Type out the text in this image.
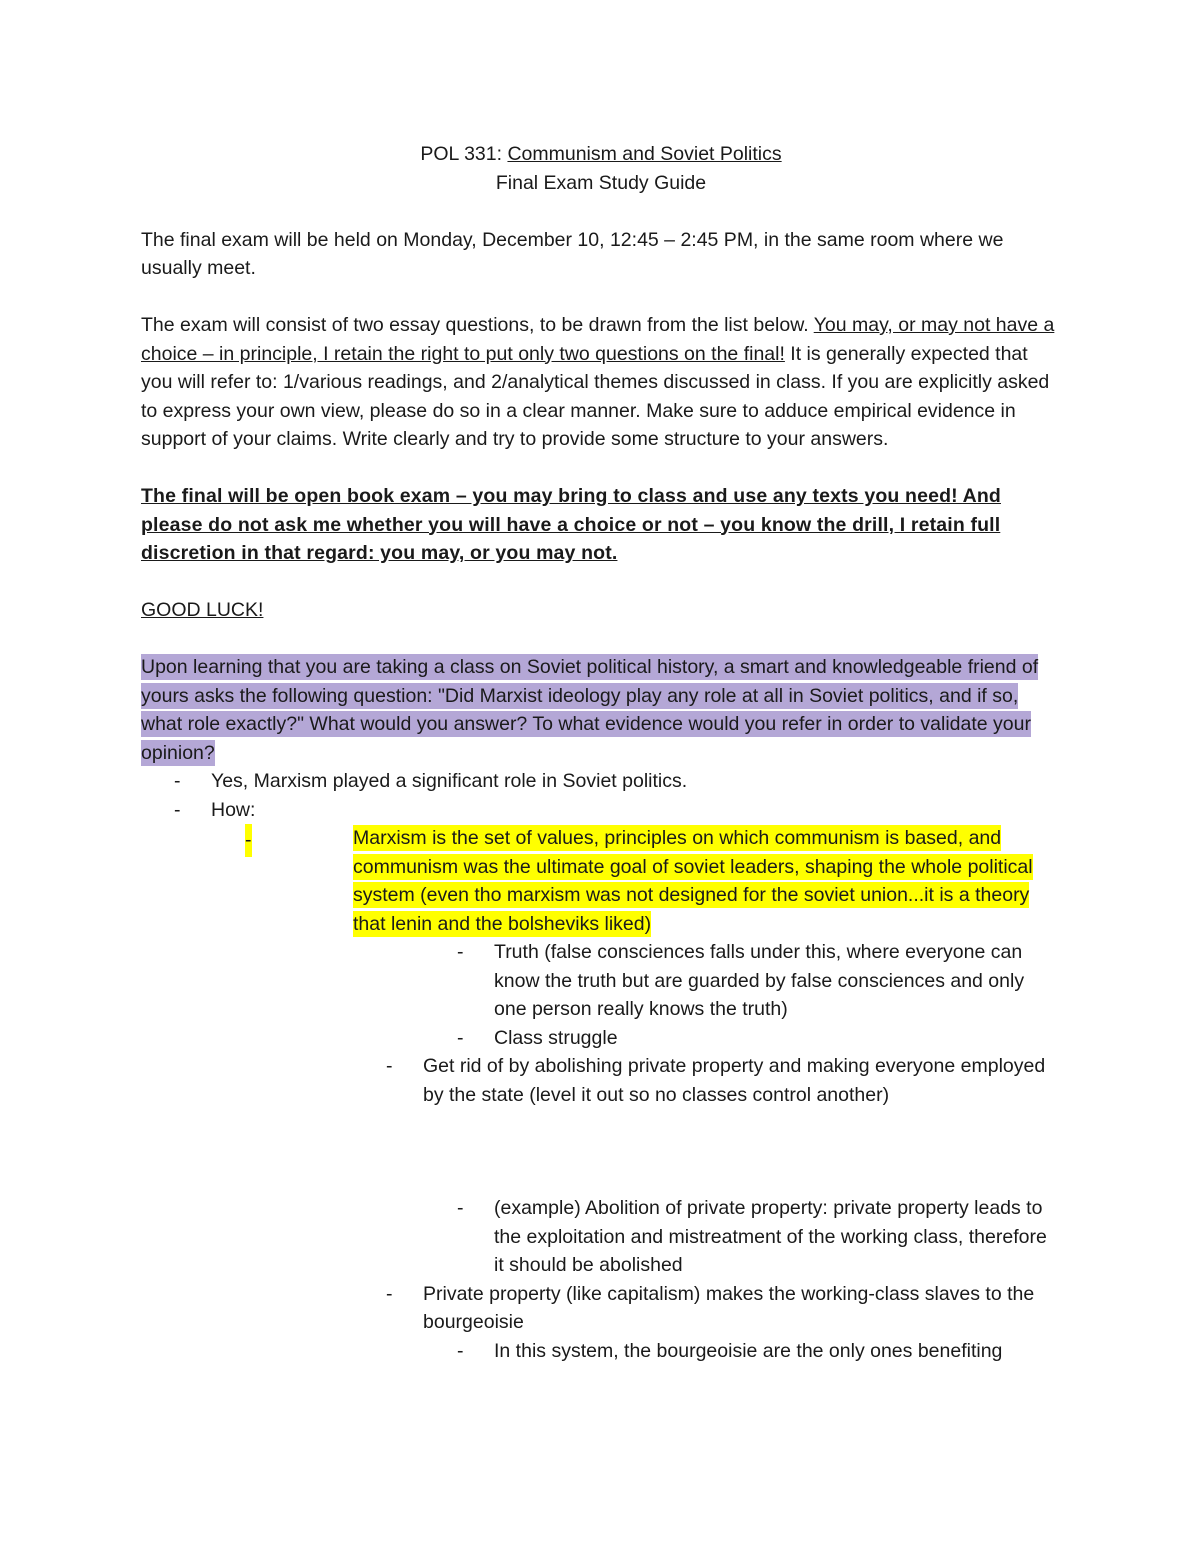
POL 331: Communism and Soviet Politics
Final Exam Study Guide

The final exam will be held on Monday, December 10, 12:45 – 2:45 PM, in the same room where we usually meet.

The exam will consist of two essay questions, to be drawn from the list below. You may, or may not have a choice – in principle, I retain the right to put only two questions on the final! It is generally expected that you will refer to: 1/various readings, and 2/analytical themes discussed in class. If you are explicitly asked to express your own view, please do so in a clear manner. Make sure to adduce empirical evidence in support of your claims. Write clearly and try to provide some structure to your answers.

The final will be open book exam – you may bring to class and use any texts you need! And please do not ask me whether you will have a choice or not – you know the drill, I retain full discretion in that regard: you may, or you may not.

GOOD LUCK!

Upon learning that you are taking a class on Soviet political history, a smart and knowledgeable friend of yours asks the following question: "Did Marxist ideology play any role at all in Soviet politics, and if so, what role exactly?" What would you answer? To what evidence would you refer in order to validate your opinion?

- Yes, Marxism played a significant role in Soviet politics.
- How:
-	Marxism is the set of values, principles on which communism is based, and communism was the ultimate goal of soviet leaders, shaping the whole political system (even tho marxism was not designed for the soviet union...it is a theory that lenin and the bolsheviks liked)
- Truth (false consciences falls under this, where everyone can know the truth but are guarded by false consciences and only one person really knows the truth)
- Class struggle
- Get rid of by abolishing private property and making everyone employed by the state (level it out so no classes control another)
- (example) Abolition of private property: private property leads to the exploitation and mistreatment of the working class, therefore it should be abolished
- Private property (like capitalism) makes the working-class slaves to the bourgeoisie
- In this system, the bourgeoisie are the only ones benefiting
